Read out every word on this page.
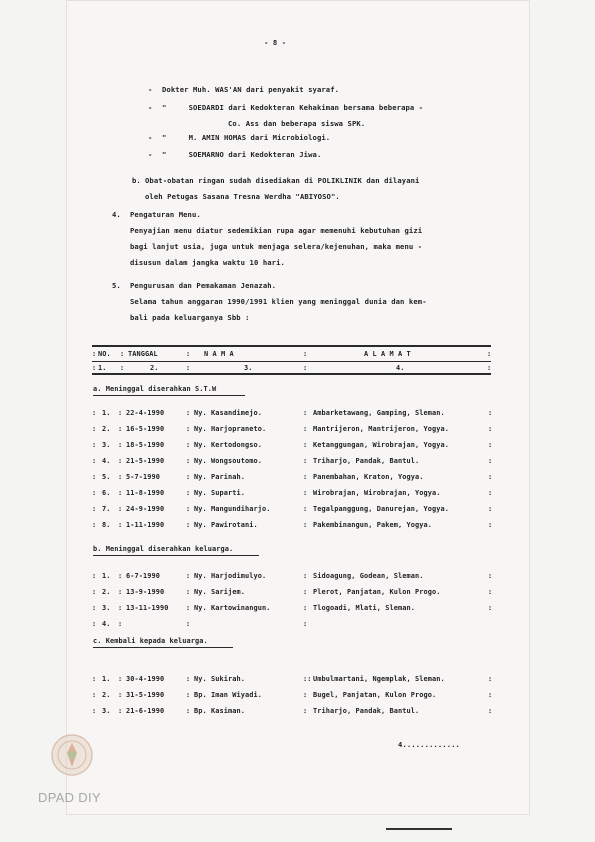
- 8 -
- Dokter Muh. WAS'AN dari penyakit syaraf.
- "     SOEDARDI dari Kedokteran Kehakiman bersama beberapa -
Co. Ass dan beberapa siswa SPK.
- "     M. AMIN HOMAS dari Microbiologi.
- "     SOEMARNO dari Kedokteran Jiwa.
b. Obat-obatan ringan sudah disediakan di POLIKLINIK dan dilayani
oleh Petugas Sasana Tresna Werdha "ABIYOSO".
4. Pengaturan Menu.
Penyajian menu diatur sedemikian rupa agar memenuhi kebutuhan gizi
bagi lanjut usia, juga untuk menjaga selera/kejenuhan, maka menu -
disusun dalam jangka waktu 10 hari.
5. Pengurusan dan Pemakaman Jenazah.
Selama tahun anggaran 1990/1991 klien yang meninggal dunia dan kem-
bali pada keluarganya Sbb :
: NO. : TANGGAL	: N A M A	:	A L A M A T	:
: 1. :	2.	:	3.	:	4.	:
a. Meninggal diserahkan S.T.W
b. Meninggal diserahkan keluarga.
c. Kembali kepada keluarga.
: 1. : 22-4-1990	: Ny. Kasandimejo.	: Ambarketawang, Gamping, Sleman.	:
: 2. : 16-5-1990	: Ny. Harjopraneto.	: Mantrijeron, Mantrijeron, Yogya.	:
: 3. : 18-5-1990	: Ny. Kertodongso.	: Ketanggungan, Wirobrajan, Yogya.	:
: 4. : 21-5-1990	: Ny. Wongsoutomo.	: Triharjo, Pandak, Bantul.	:
: 5. : 5-7-1990	: Ny. Parinah.	: Panembahan, Kraton, Yogya.	:
: 6. : 11-8-1990	: Ny. Suparti.	: Wirobrajan, Wirobrajan, Yogya.	:
: 7. : 24-9-1990	: Ny. Mangundiharjo.	: Tegalpanggung, Danurejan, Yogya.	:
: 8. : 1-11-1990	: Ny. Pawirotani.	: Pakembinangun, Pakem, Yogya.	:
: 1. : 6-7-1990	: Ny. Harjodimulyo.	: Sidoagung, Godean, Sleman.	:
: 2. : 13-9-1990	: Ny. Sarijem.	: Plerot, Panjatan, Kulon Progo.	:
: 3. : 13-11-1990	: Ny. Kartowinangun.	: Tlogoadi, Mlati, Sleman.	:
: 4. :	:	:
: 1. : 30-4-1990	: Ny. Sukirah.	:: Umbulmartani, Ngemplak, Sleman.	:
: 2. : 31-5-1990	: Bp. Iman Wiyadi.	: Bugel, Panjatan, Kulon Progo.	:
: 3. : 21-6-1990	: Bp. Kasiman.	: Triharjo, Pandak, Bantul.	:
4.............
DPAD DIY
